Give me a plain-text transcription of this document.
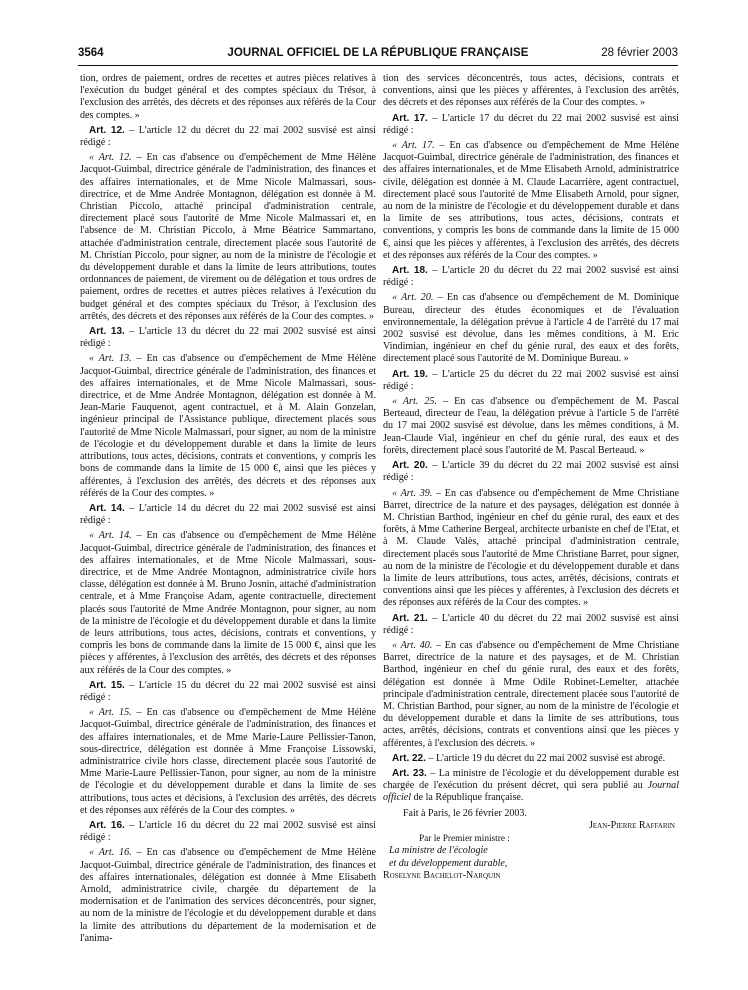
3564	JOURNAL OFFICIEL DE LA RÉPUBLIQUE FRANÇAISE	28 février 2003

tion, ordres de paiement, ordres de recettes et autres pièces relatives à l'exécution du budget général et des comptes spéciaux du Trésor, à l'exclusion des arrêtés, des décrets et des réponses aux référés de la Cour des comptes. »

Art. 12. – L'article 12 du décret du 22 mai 2002 susvisé est ainsi rédigé :

« Art. 12. – En cas d'absence ou d'empêchement de Mme Hélène Jacquot-Guimbal, directrice générale de l'administration, des finances et des affaires internationales, et de Mme Nicole Malmassari, sous-directrice, et de Mme Andrée Montagnon, délégation est donnée à M. Christian Piccolo, attaché principal d'administration centrale, directement placé sous l'autorité de Mme Nicole Malmassari et, en l'absence de M. Christian Piccolo, à Mme Béatrice Sammartano, attachée d'administration centrale, directement placée sous l'autorité de M. Christian Piccolo, pour signer, au nom de la ministre de l'écologie et du développement durable et dans la limite de leurs attributions, toutes ordonnances de paiement, de virement ou de délégation et tous ordres de paiement, ordres de recettes et autres pièces relatives à l'exécution du budget général et des comptes spéciaux du Trésor, à l'exclusion des arrêtés, des décrets et des réponses aux référés de la Cour des comptes. »

Art. 13. – L'article 13 du décret du 22 mai 2002 susvisé est ainsi rédigé :

« Art. 13. – En cas d'absence ou d'empêchement de Mme Hélène Jacquot-Guimbal, directrice générale de l'administration, des finances et des affaires internationales, et de Mme Nicole Malmassari, sous-directrice, et de Mme Andrée Montagnon, délégation est donnée à M. Jean-Marie Fauquenot, agent contractuel, et à M. Alain Gonzelan, ingénieur principal de l'Assistance publique, directement placés sous l'autorité de Mme Nicole Malmassari, pour signer, au nom de la ministre de l'écologie et du développement durable et dans la limite de leurs attributions, tous actes, décisions, contrats et conventions, y compris les bons de commande dans la limite de 15 000 €, ainsi que les pièces y afférentes, à l'exclusion des arrêtés, des décrets et des réponses aux référés de la Cour des comptes. »

Art. 14. – L'article 14 du décret du 22 mai 2002 susvisé est ainsi rédigé :

« Art. 14. – En cas d'absence ou d'empêchement de Mme Hélène Jacquot-Guimbal, directrice générale de l'administration, des finances et des affaires internationales, et de Mme Nicole Malmassari, sous-directrice, et de Mme Andrée Montagnon, administratrice civile hors classe, délégation est donnée à M. Bruno Josnin, attaché d'administration centrale, et à Mme Françoise Adam, agente contractuelle, directement placés sous l'autorité de Mme Andrée Montagnon, pour signer, au nom de la ministre de l'écologie et du développement durable et dans la limite de leurs attributions, tous actes, décisions, contrats et conventions, y compris les bons de commande dans la limite de 15 000 €, ainsi que les pièces y afférentes, à l'exclusion des arrêtés, des décrets et des réponses aux référés de la Cour des comptes. »

Art. 15. – L'article 15 du décret du 22 mai 2002 susvisé est ainsi rédigé :

« Art. 15. – En cas d'absence ou d'empêchement de Mme Hélène Jacquot-Guimbal, directrice générale de l'administration, des finances et des affaires internationales, et de Mme Marie-Laure Pellissier-Tanon, sous-directrice, délégation est donnée à Mme Françoise Lissowski, administratrice civile hors classe, directement placée sous l'autorité de Mme Marie-Laure Pellissier-Tanon, pour signer, au nom de la ministre de l'écologie et du développement durable et dans la limite de ses attributions, tous actes et décisions, à l'exclusion des arrêtés, des décrets et des réponses aux référés de la Cour des comptes. »

Art. 16. – L'article 16 du décret du 22 mai 2002 susvisé est ainsi rédigé :

« Art. 16. – En cas d'absence ou d'empêchement de Mme Hélène Jacquot-Guimbal, directrice générale de l'administration, des finances et des affaires internationales, délégation est donnée à Mme Elisabeth Arnold, administratrice civile, chargée du département de la modernisation et de l'animation des services déconcentrés, pour signer, au nom de la ministre de l'écologie et du développement durable et dans la limite des attributions du département de la modernisation et de l'anima-

tion des services déconcentrés, tous actes, décisions, contrats et conventions, ainsi que les pièces y afférentes, à l'exclusion des arrêtés, des décrets et des réponses aux référés de la Cour des comptes. »

Art. 17. – L'article 17 du décret du 22 mai 2002 susvisé est ainsi rédigé :

« Art. 17. – En cas d'absence ou d'empêchement de Mme Hélène Jacquot-Guimbal, directrice générale de l'administration, des finances et des affaires internationales, et de Mme Elisabeth Arnold, administratrice civile, délégation est donnée à M. Claude Lacarrière, agent contractuel, directement placé sous l'autorité de Mme Elisabeth Arnold, pour signer, au nom de la ministre de l'écologie et du développement durable et dans la limite de ses attributions, tous actes, décisions, contrats et conventions, y compris les bons de commande dans la limite de 15 000 €, ainsi que les pièces y afférentes, à l'exclusion des arrêtés, des décrets et des réponses aux référés de la Cour des comptes. »

Art. 18. – L'article 20 du décret du 22 mai 2002 susvisé est ainsi rédigé :

« Art. 20. – En cas d'absence ou d'empêchement de M. Dominique Bureau, directeur des études économiques et de l'évaluation environnementale, la délégation prévue à l'article 4 de l'arrêté du 17 mai 2002 susvisé est dévolue, dans les mêmes conditions, à M. Eric Vindimian, ingénieur en chef du génie rural, des eaux et des forêts, directement placé sous l'autorité de M. Dominique Bureau. »

Art. 19. – L'article 25 du décret du 22 mai 2002 susvisé est ainsi rédigé :

« Art. 25. – En cas d'absence ou d'empêchement de M. Pascal Berteaud, directeur de l'eau, la délégation prévue à l'article 5 de l'arrêté du 17 mai 2002 susvisé est dévolue, dans les mêmes conditions, à M. Jean-Claude Vial, ingénieur en chef du génie rural, des eaux et des forêts, directement placé sous l'autorité de M. Pascal Berteaud. »

Art. 20. – L'article 39 du décret du 22 mai 2002 susvisé est ainsi rédigé :

« Art. 39. – En cas d'absence ou d'empêchement de Mme Christiane Barret, directrice de la nature et des paysages, délégation est donnée à M. Christian Barthod, ingénieur en chef du génie rural, des eaux et des forêts, à Mme Catherine Bergeal, architecte urbaniste en chef de l'Etat, et à M. Claude Valès, attaché principal d'administration centrale, directement placés sous l'autorité de Mme Christiane Barret, pour signer, au nom de la ministre de l'écologie et du développement durable et dans la limite de leurs attributions, tous actes, arrêtés, décisions, contrats et conventions ainsi que les pièces y afférentes, à l'exclusion des décrets et des réponses aux référés de la Cour des comptes. »

Art. 21. – L'article 40 du décret du 22 mai 2002 susvisé est ainsi rédigé :

« Art. 40. – En cas d'absence ou d'empêchement de Mme Christiane Barret, directrice de la nature et des paysages, et de M. Christian Barthod, ingénieur en chef du génie rural, des eaux et des forêts, délégation est donnée à Mme Odile Robinet-Lemelter, attachée principale d'administration centrale, directement placée sous l'autorité de M. Christian Barthod, pour signer, au nom de la ministre de l'écologie et du développement durable et dans la limite de ses attributions, tous actes, arrêtés, décisions, contrats et conventions ainsi que les pièces y afférentes, à l'exclusion des décrets. »

Art. 22. – L'article 19 du décret du 22 mai 2002 susvisé est abrogé.

Art. 23. – La ministre de l'écologie et du développement durable est chargée de l'exécution du présent décret, qui sera publié au Journal officiel de la République française.

Fait à Paris, le 26 février 2003.
Jean-Pierre Raffarin
Par le Premier ministre :
La ministre de l'écologie
et du développement durable,
Roselyne Bachelot-Narquin
